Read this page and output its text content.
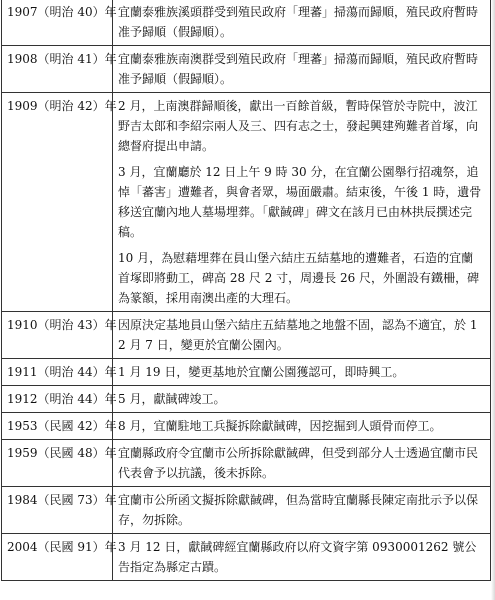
1907（明治 40）年	宜蘭泰雅族溪頭群受到殖民政府「理蕃」掃蕩而歸順，殖民政府暫時准予歸順（假歸順）。

1908（明治 41）年	宜蘭泰雅族南澳群受到殖民政府「理蕃」掃蕩而歸順，殖民政府暫時准予歸順（假歸順）。

1909（明治 42）年	2 月，上南澳群歸順後，獻出一百餘首級，暫時保管於寺院中，波江野吉太郎和李紹宗兩人及三、四有志之士，發起興建殉難者首塚，向總督府提出申請。

3 月，宜蘭廳於 12 日上午 9 時 30 分，在宜蘭公園舉行招魂祭，追悼「蕃害」遭難者，與會者眾，場面嚴肅。結束後，午後 1 時，遺骨移送宜蘭內地人墓場埋葬。「獻馘碑」碑文在該月已由林拱辰撰述完稿。

10 月，為慰藉埋葬在員山堡六結庄五結墓地的遭難者，石造的宜蘭首塚即將動工，碑高 28 尺 2 寸，周邊長 26 尺，外圍設有鐵柵，碑為篆額，採用南澳出產的大理石。

1910（明治 43）年	因原決定基地員山堡六結庄五結墓地之地盤不固，認為不適宜，於 12 月 7 日，變更於宜蘭公園內。

1911（明治 44）年	1 月 19 日，變更基地於宜蘭公園獲認可，即時興工。

1912（明治 44）年	5 月，獻馘碑竣工。

1953（民國 42）年	8 月，宜蘭駐地工兵擬拆除獻馘碑，因挖掘到人頭骨而停工。

1959（民國 48）年	宜蘭縣政府令宜蘭市公所拆除獻馘碑，但受到部分人士透過宜蘭市民代表會予以抗議，後未拆除。

1984（民國 73）年	宜蘭市公所函文擬拆除獻馘碑，但為當時宜蘭縣長陳定南批示予以保存，勿拆除。

2004（民國 91）年	3 月 12 日，獻馘碑經宜蘭縣政府以府文資字第 0930001262 號公告指定為縣定古蹟。
